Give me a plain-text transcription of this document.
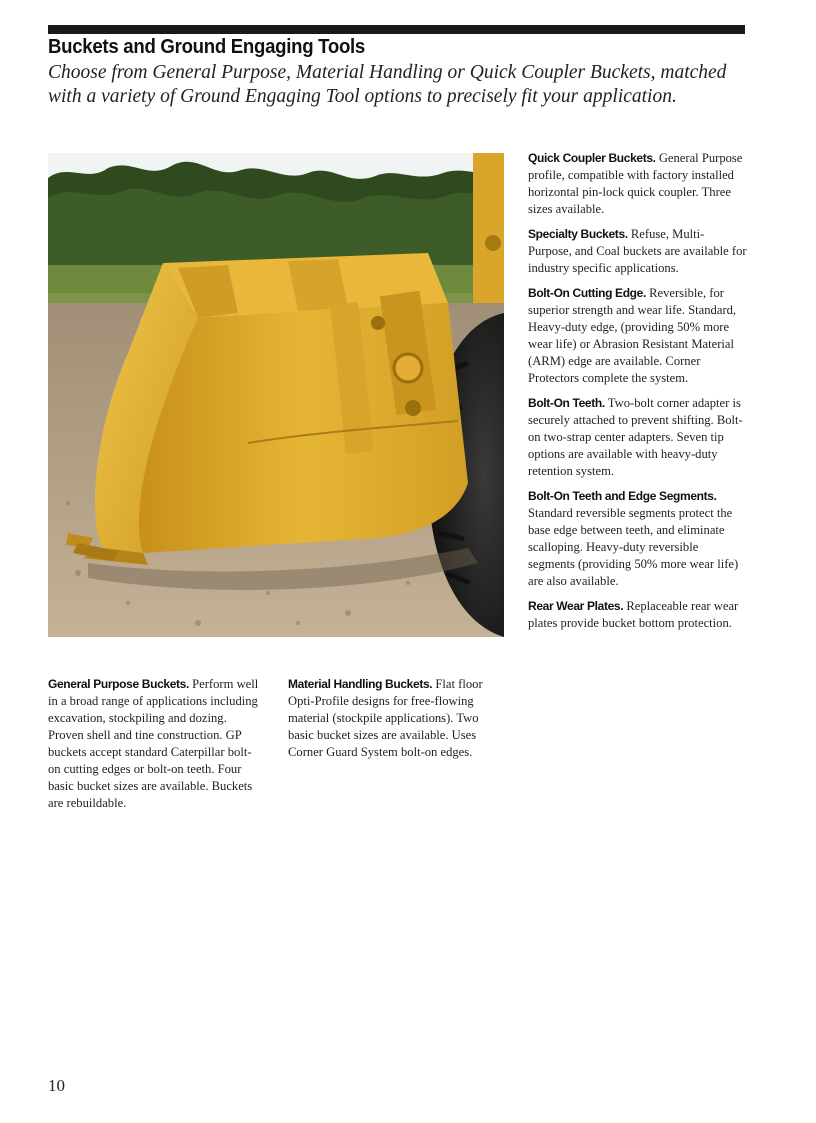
Buckets and Ground Engaging Tools

Choose from General Purpose, Material Handling or Quick Coupler Buckets, matched with a variety of Ground Engaging Tool options to precisely fit your application.

Quick Coupler Buckets. General Purpose profile, compatible with factory installed horizontal pin-lock quick coupler. Three sizes available.

Specialty Buckets. Refuse, Multi-Purpose, and Coal buckets are available for industry specific applications.

Bolt-On Cutting Edge. Reversible, for superior strength and wear life. Standard, Heavy-duty edge, (providing 50% more wear life) or Abrasion Resistant Material (ARM) edge are available. Corner Protectors complete the system.

Bolt-On Teeth. Two-bolt corner adapter is securely attached to prevent shifting. Bolt-on two-strap center adapters. Seven tip options are available with heavy-duty retention system.

Bolt-On Teeth and Edge Segments. Standard reversible segments protect the base edge between teeth, and eliminate scalloping. Heavy-duty reversible segments (providing 50% more wear life) are also available.

Rear Wear Plates. Replaceable rear wear plates provide bucket bottom protection.

General Purpose Buckets. Perform well in a broad range of applications including excavation, stockpiling and dozing. Proven shell and tine construction. GP buckets accept standard Caterpillar bolt-on cutting edges or bolt-on teeth. Four basic bucket sizes are available. Buckets are rebuildable.

Material Handling Buckets. Flat floor Opti-Profile designs for free-flowing material (stockpile applications). Two basic bucket sizes are available. Uses Corner Guard System bolt-on edges.

10
